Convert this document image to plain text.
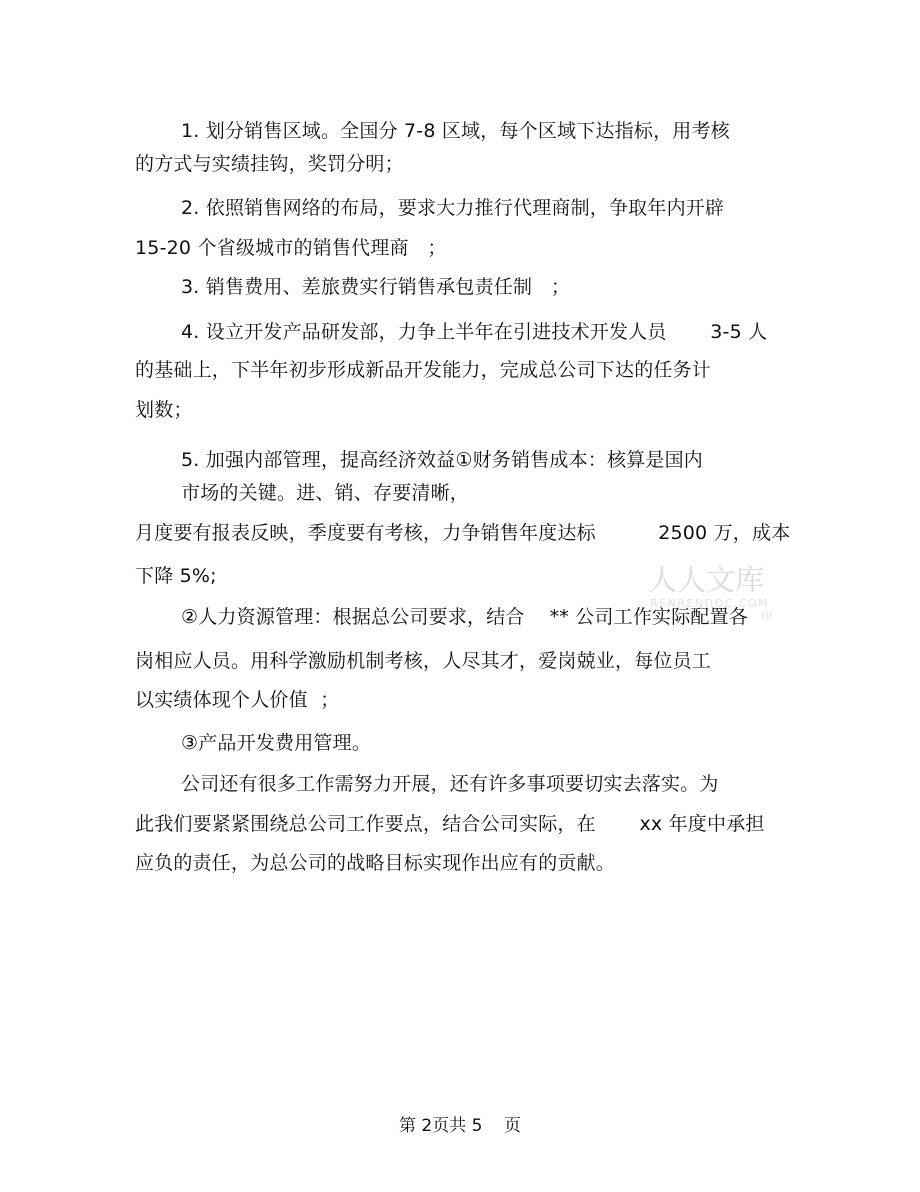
1. 划分销售区域。全国分 7-8 区域，每个区域下达指标，用考核
的方式与实绩挂钩，奖罚分明；
2. 依照销售网络的布局，要求大力推行代理商制，争取年内开辟
15-20 个省级城市的销售代理商   ；
3. 销售费用、差旅费实行销售承包责任制   ；
4. 设立开发产品研发部，力争上半年在引进技术开发人员       3-5 人
的基础上，下半年初步形成新品开发能力，完成总公司下达的任务计
划数；
5. 加强内部管理，提高经济效益①财务销售成本：核算是国内
市场的关键。进、销、存要清晰，
月度要有报表反映，季度要有考核，力争销售年度达标          2500 万，成本
下降 5%;
②人力资源管理：根据总公司要求，结合    ** 公司工作实际配置各
岗相应人员。用科学激励机制考核，人尽其才，爱岗兢业，每位员工
以实绩体现个人价值  ；
③产品开发费用管理。
公司还有很多工作需努力开展，还有许多事项要切实去落实。为
此我们要紧紧围绕总公司工作要点，结合公司实际，在       xx 年度中承担
应负的责任，为总公司的战略目标实现作出应有的贡献。
人人文库
RENRENDOC.COM
印
第 2页共 5    页
